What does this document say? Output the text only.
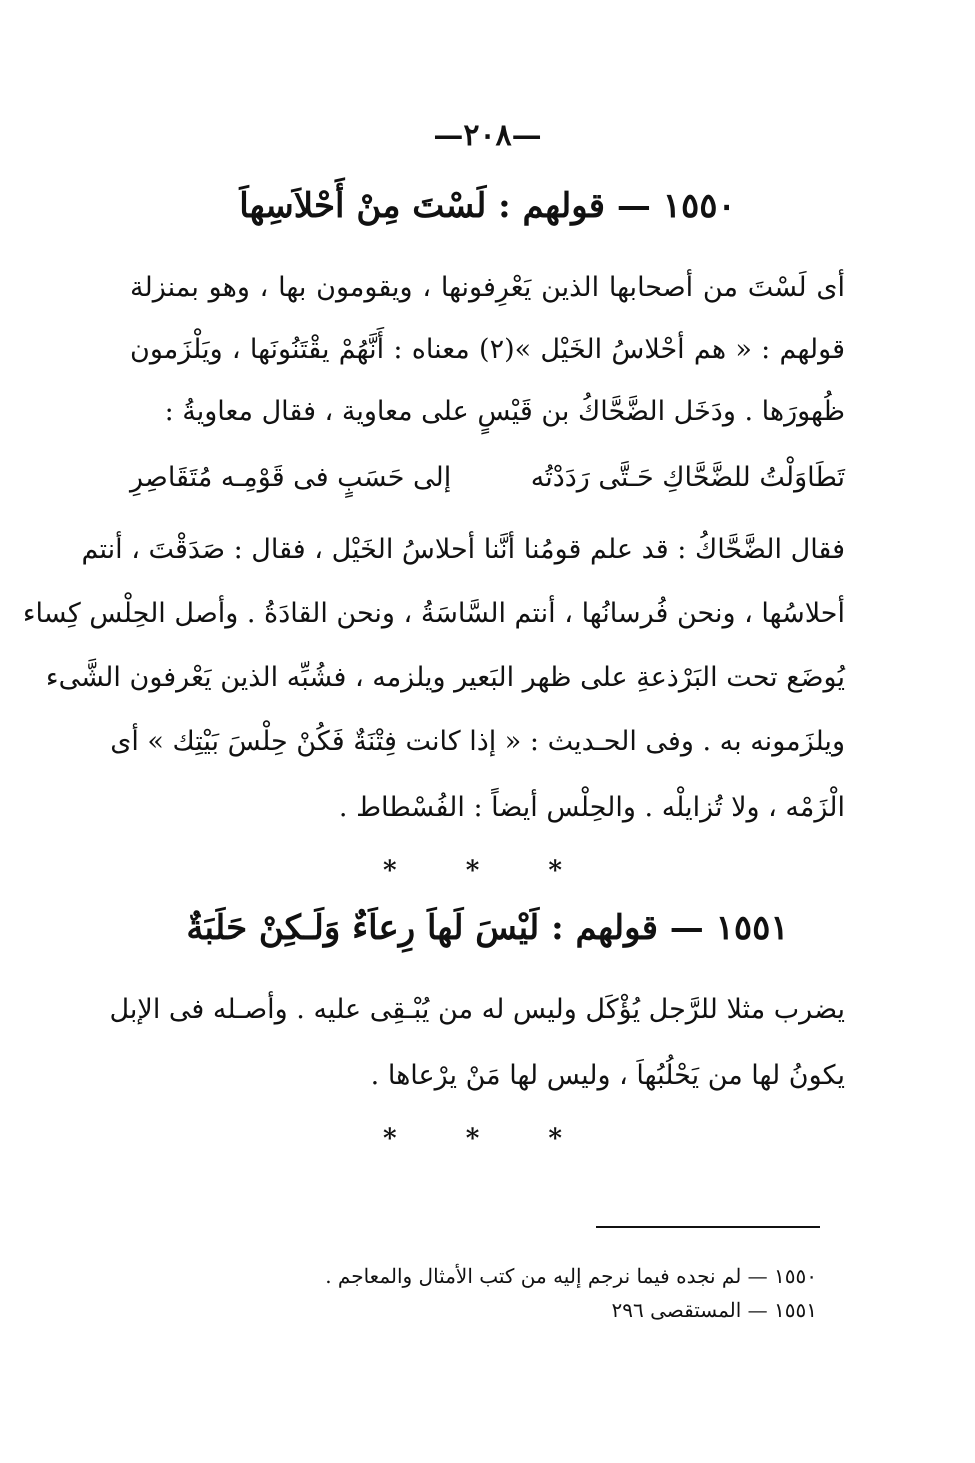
—٢٠٨—
١٥٥٠ — قولهم : لَسْتَ مِنْ أَحْلاَسِهاَ
أى لَسْتَ من أصحابها الذين يَعْرِفونها ، ويقومون بها ، وهو بمنزلة
قولهم : « هم أحْلاسُ الخَيْل »(٢) معناه : أَنَّهُمْ يقْتَنُونَها ، ويَلْزَمون
ظُهورَها . ودَخَل الضَّحَّاكُ بن قَيْسٍ على معاوية ، فقال معاويةُ :
تَطَاوَلْتُ للضَّحَّاكِ حَـتَّى رَدَدْتُه
إلى حَسَبٍ فى قَوْمِـه مُتَقَاصِرِ
فقال الضَّحَّاكُ : قد علم قومُنا أنَّنا أحلاسُ الخَيْل ، فقال : صَدَقْتَ ، أنتم
أحلاسُها ، ونحن فُرسانُها ، أنتم السَّاسَةُ ، ونحن القادَةُ . وأصل الحِلْس كِساء
يُوضَع تحت البَرْذعةِ على ظهر البَعير ويلزمه ، فشُبِّه الذين يَعْرفون الشَّىء
ويلزَمونه به . وفى الحـديث : « إذا كانت فِتْنَةٌ فَكُنْ حِلْسَ بَيْتِك » أى
الْزَمْه ، ولا تُزايلْه . والحِلْس أيضاً : الفُسْطاط .
* * *
١٥٥١ — قولهم : لَيْسَ لَهاَ رِعاَءٌ وَلَـكِنْ حَلَبَةٌ
يضرب مثلا للرَّجل يُؤْكَل وليس له من يُبْـقِى عليه . وأصـله فى الإبل
يكونُ لها من يَحْلُبُهاَ ، وليس لها مَنْ يرْعاها .
* * *
١٥٥٠ — لم نجده فيما نرجم إليه من كتب الأمثال والمعاجم .
١٥٥١ — المستقصى ٢٩٦
